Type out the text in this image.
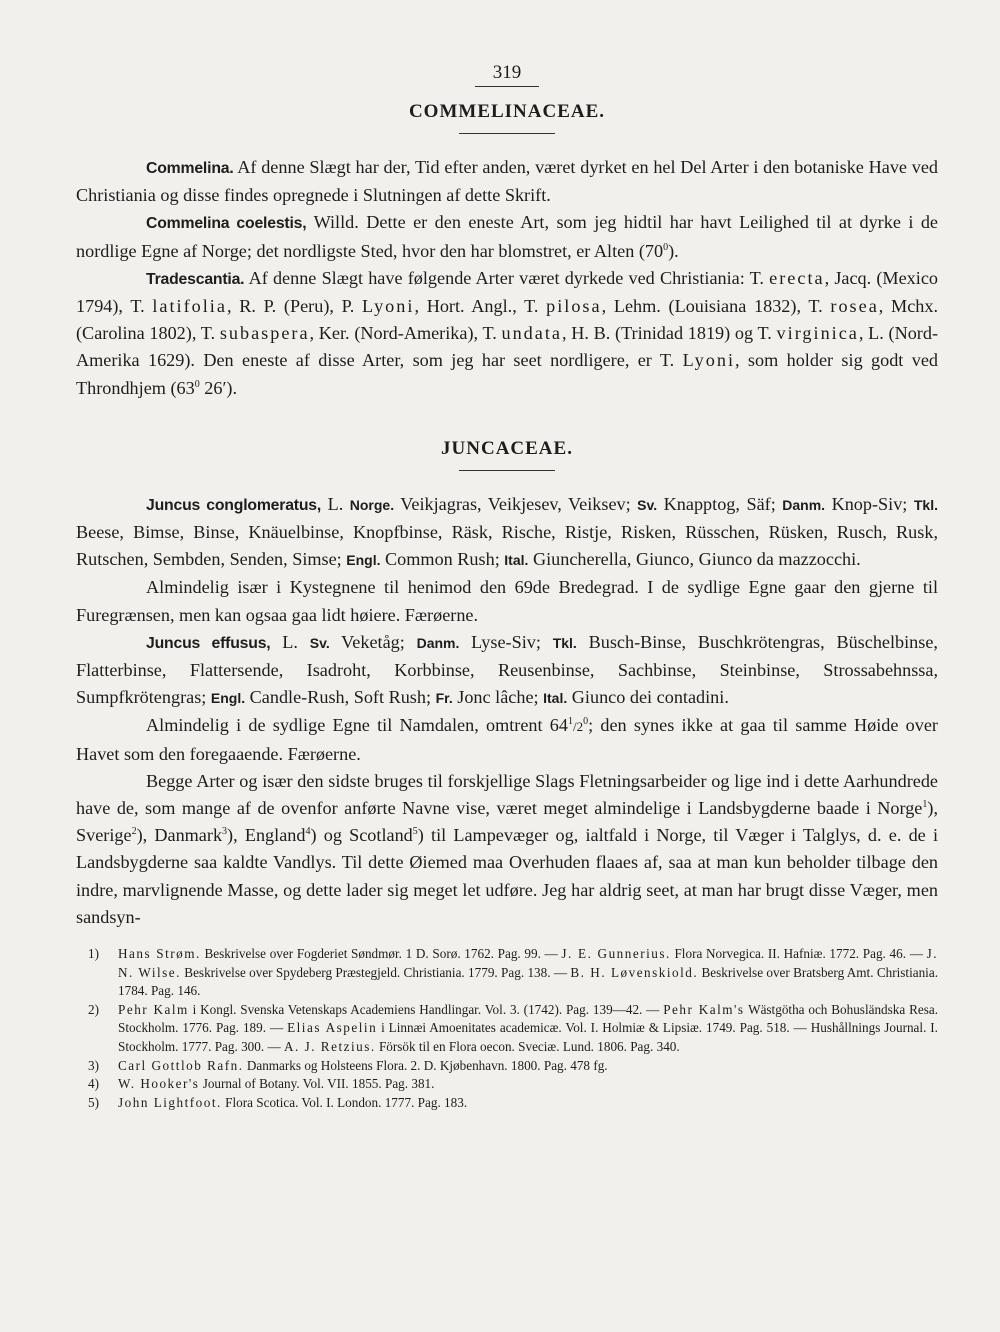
319
COMMELINACEAE.

Commelina. Af denne Slægt har der, Tid efter anden, været dyrket en hel Del Arter i den botaniske Have ved Christiania og disse findes opregnede i Slutningen af dette Skrift.

Commelina coelestis, Willd. Dette er den eneste Art, som jeg hidtil har havt Leilighed til at dyrke i de nordlige Egne af Norge; det nordligste Sted, hvor den har blomstret, er Alten $(70^0)$.

Tradescantia. Af denne Slægt have følgende Arter været dyrkede ved Christiania: T. erecta, Jacq. (Mexico 1794), T. latifolia, R. P. (Peru), P. Lyoni, Hort. Angl., T. pilosa, Lehm. (Louisiana 1832), T. rosea, Mchx. (Carolina 1802), T. subaspera, Ker. (Nord-Amerika), T. undata, H. B. (Trinidad 1819) og T. virginica, L. (Nord-Amerika 1629). Den eneste af disse Arter, som jeg har seet nordligere, er T. Lyoni, som holder sig godt ved Throndhjem ($63^0$ 26′).

JUNCACEAE.

Juncus conglomeratus, L. Norge. Veikjagras, Veikjesev, Veiksev; Sv. Knapptog, Säf; Danm. Knop-Siv; Tkl. Beese, Bimse, Binse, Knäuelbinse, Knopfbinse, Räsk, Rische, Ristje, Risken, Rüsschen, Rüsken, Rusch, Rusk, Rutschen, Sembden, Senden, Simse; Engl. Common Rush; Ital. Giuncherella, Giunco, Giunco da mazzocchi.

Almindelig især i Kystegnene til henimod den 69de Bredegrad. I de sydlige Egne gaar den gjerne til Furegrænsen, men kan ogsaa gaa lidt høiere. Færøerne.

Juncus effusus, L. Sv. Veketåg; Danm. Lyse-Siv; Tkl. Busch-Binse, Buschkrötengras, Büschelbinse, Flatterbinse, Flattersende, Isadroht, Korbbinse, Reusenbinse, Sachbinse, Steinbinse, Strossabehnssa, Sumpfkrötengras; Engl. Candle-Rush, Soft Rush; Fr. Jonc lâche; Ital. Giunco dei contadini.

Almindelig i de sydlige Egne til Namdalen, omtrent $64^1/2^0$; den synes ikke at gaa til samme Høide over Havet som den foregaaende. Færøerne.

Begge Arter og især den sidste bruges til forskjellige Slags Fletningsarbeider og lige ind i dette Aarhundrede have de, som mange af de ovenfor anførte Navne vise, været meget almindelige i Landsbygderne baade i Norge$^1$), Sverige$^2$), Danmark$^3$), England$^4$) og Scotland$^5$) til Lampevæger og, ialtfald i Norge, til Væger i Talglys, d. e. de i Landsbygderne saa kaldte Vandlys. Til dette Øiemed maa Overhuden flaaes af, saa at man kun beholder tilbage den indre, marvlignende Masse, og dette lader sig meget let udføre. Jeg har aldrig seet, at man har brugt disse Væger, men sandsyn-

1) Hans Strøm. Beskrivelse over Fogderiet Søndmør. 1 D. Sorø. 1762. Pag. 99. — J. E. Gunnerius. Flora Norvegica. II. Hafniæ. 1772. Pag. 46. — J. N. Wilse. Beskrivelse over Spydeberg Præstegjeld. Christiania. 1779. Pag. 138. — B. H. Løvenskiold. Beskrivelse over Bratsberg Amt. Christiania. 1784. Pag. 146.

2) Pehr Kalm i Kongl. Svenska Vetenskaps Academiens Handlingar. Vol. 3. (1742). Pag. 139—42. — Pehr Kalm's Wästgötha och Bohusländska Resa. Stockholm. 1776. Pag. 189. — Elias Aspelin i Linnæi Amoenitates academicæ. Vol. I. Holmiæ & Lipsiæ. 1749. Pag. 518. — Hushållnings Journal. I. Stockholm. 1777. Pag. 300. — A. J. Retzius. Försök til en Flora oecon. Sveciæ. Lund. 1806. Pag. 340.

3) Carl Gottlob Rafn. Danmarks og Holsteens Flora. 2. D. Kjøbenhavn. 1800. Pag. 478 fg.

4) W. Hooker's Journal of Botany. Vol. VII. 1855. Pag. 381.

5) John Lightfoot. Flora Scotica. Vol. I. London. 1777. Pag. 183.
